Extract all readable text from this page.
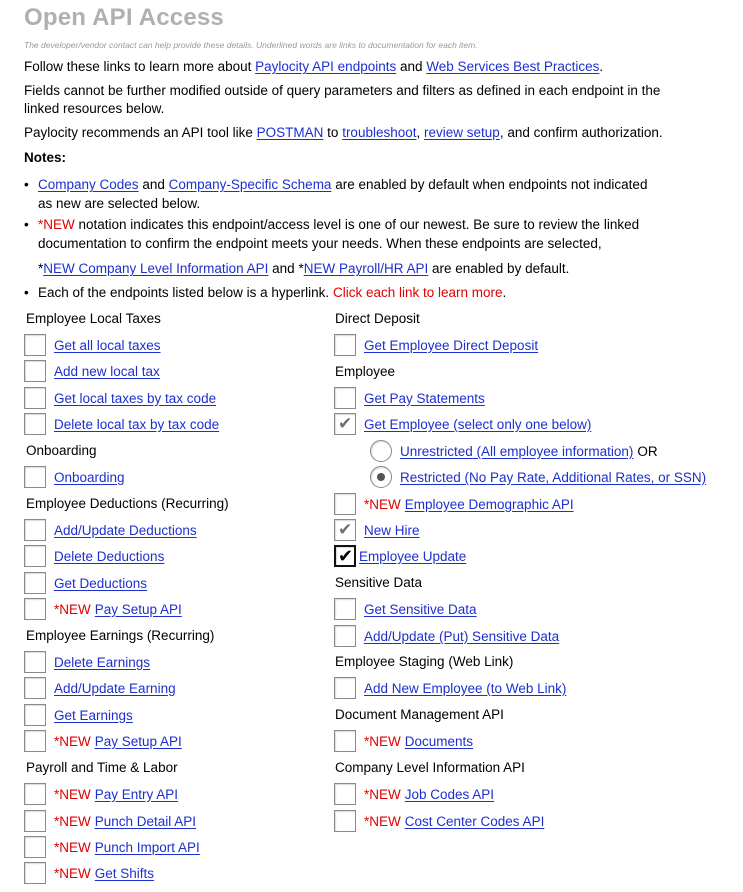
Open API Access
The developer/vendor contact can help provide these details. Underlined words are links to documentation for each item.
Follow these links to learn more about Paylocity API endpoints and Web Services Best Practices.
Fields cannot be further modified outside of query parameters and filters as defined in each endpoint in the
linked resources below.
Paylocity recommends an API tool like POSTMAN to troubleshoot, review setup, and confirm authorization.
Notes:
• Company Codes and Company-Specific Schema are enabled by default when endpoints not indicated
as new are selected below.
• *NEW notation indicates this endpoint/access level is one of our newest. Be sure to review the linked
documentation to confirm the endpoint meets your needs. When these endpoints are selected,
*NEW Company Level Information API and *NEW Payroll/HR API are enabled by default.
• Each of the endpoints listed below is a hyperlink. Click each link to learn more.
Employee Local Taxes
Get all local taxes
Add new local tax
Get local taxes by tax code
Delete local tax by tax code
Onboarding
Onboarding
Employee Deductions (Recurring)
Add/Update Deductions
Delete Deductions
Get Deductions
*NEW Pay Setup API
Employee Earnings (Recurring)
Delete Earnings
Add/Update Earning
Get Earnings
*NEW Pay Setup API
Payroll and Time & Labor
*NEW Pay Entry API
*NEW Punch Detail API
*NEW Punch Import API
*NEW Get Shifts
Direct Deposit
Get Employee Direct Deposit
Employee
Get Pay Statements
✔
Get Employee (select only one below)
Unrestricted (All employee information) OR
Restricted (No Pay Rate, Additional Rates, or SSN)
*NEW Employee Demographic API
✔
New Hire
✔
Employee Update
Sensitive Data
Get Sensitive Data
Add/Update (Put) Sensitive Data
Employee Staging (Web Link)
Add New Employee (to Web Link)
Document Management API
*NEW Documents
Company Level Information API
*NEW Job Codes API
*NEW Cost Center Codes API
